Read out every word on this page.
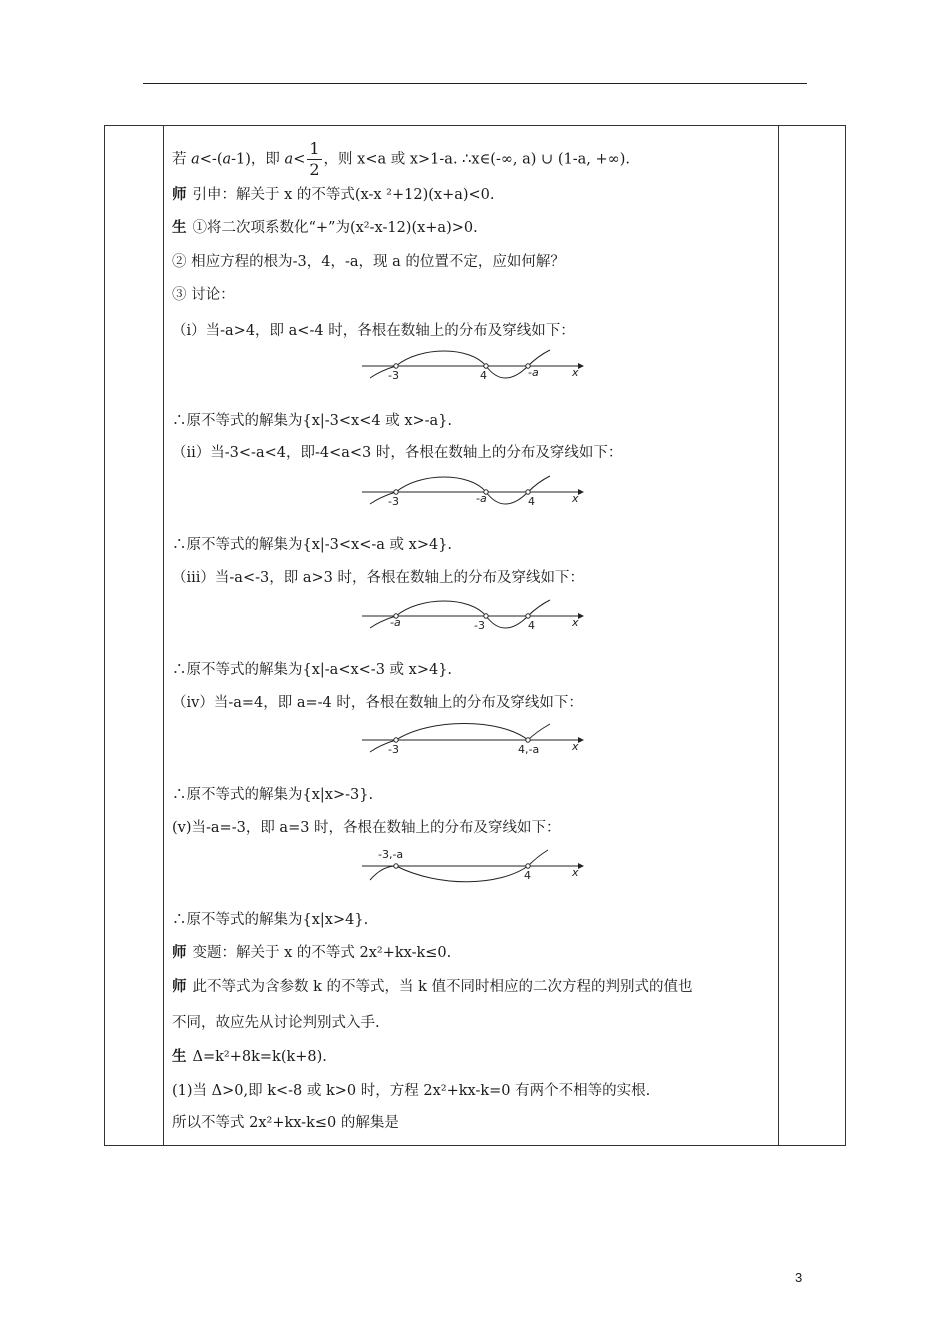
若 a<-(a-1)，即 $a< \frac{1}{2}$ ，则 x<a 或 x>1-a. ∴x∈(-∞, a) ∪ (1-a, +∞).
师 引申：解关于 x 的不等式(x-x ²+12)(x+a)<0.
生 ①将二次项系数化“+”为(x²-x-12)(x+a)>0.
② 相应方程的根为-3，4，-a，现 a 的位置不定，应如何解？
③ 讨论：
（ⅰ）当-a>4，即 a<-4 时，各根在数轴上的分布及穿线如下：
∴原不等式的解集为{x|-3<x<4 或 x>-a}.
（ⅱ）当-3<-a<4，即-4<a<3 时，各根在数轴上的分布及穿线如下：
∴原不等式的解集为{x|-3<x<-a 或 x>4}.
（ⅲ）当-a<-3，即 a>3 时，各根在数轴上的分布及穿线如下：
∴原不等式的解集为{x|-a<x<-3 或 x>4}.
（ⅳ）当-a=4，即 a=-4 时，各根在数轴上的分布及穿线如下：
∴原不等式的解集为{x|x>-3}.
(ⅴ)当-a=-3，即 a=3 时，各根在数轴上的分布及穿线如下：
∴原不等式的解集为{x|x>4}.
师 变题：解关于 x 的不等式 2x²+kx-k≤0.
师 此不等式为含参数 k 的不等式，当 k 值不同时相应的二次方程的判别式的值也
不同，故应先从讨论判别式入手.
生 Δ=k²+8k=k(k+8).
(1)当 Δ>0,即 k<-8 或 k>0 时，方程 2x²+kx-k=0 有两个不相等的实根.
所以不等式 2x²+kx-k≤0 的解集是
-3	4	-a	x
-3	-a	4	x
-a	-3	4	x
-3	4,-a	x
-3,-a
4	x
3
